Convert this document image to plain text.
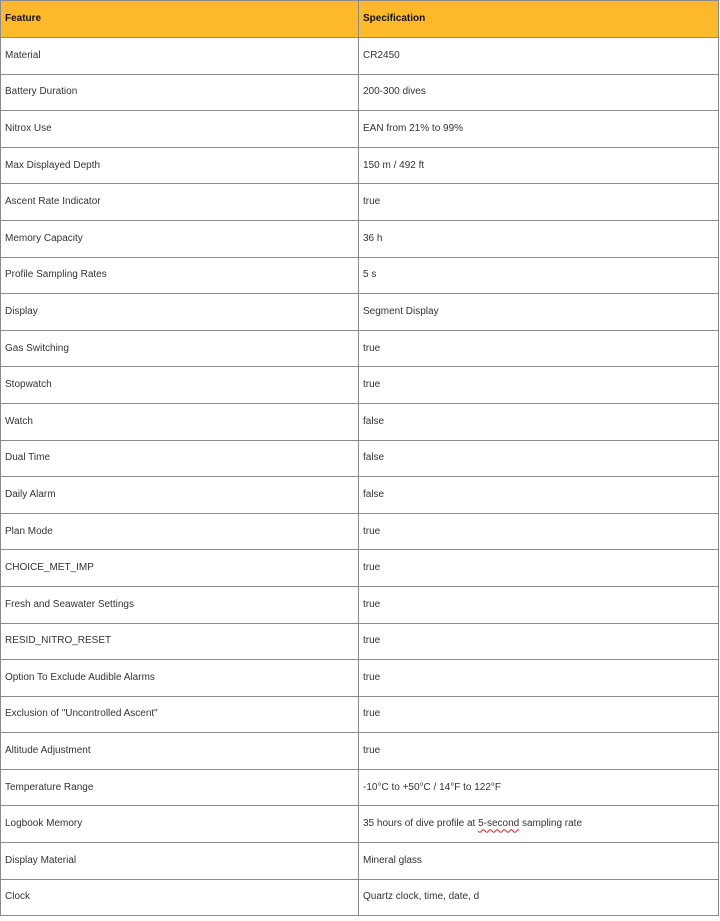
Feature	Specification
Material	CR2450
Battery Duration	200-300 dives
Nitrox Use	EAN from 21% to 99%
Max Displayed Depth	150 m / 492 ft
Ascent Rate Indicator	true
Memory Capacity	36 h
Profile Sampling Rates	5 s
Display	Segment Display
Gas Switching	true
Stopwatch	true
Watch	false
Dual Time	false
Daily Alarm	false
Plan Mode	true
CHOICE_MET_IMP	true
Fresh and Seawater Settings	true
RESID_NITRO_RESET	true
Option To Exclude Audible Alarms	true
Exclusion of "Uncontrolled Ascent"	true
Altitude Adjustment	true
Temperature Range	-10°C to +50°C / 14°F to 122°F
Logbook Memory	35 hours of dive profile at 5-second sampling rate
Display Material	Mineral glass
Clock	Quartz clock, time, date, d
